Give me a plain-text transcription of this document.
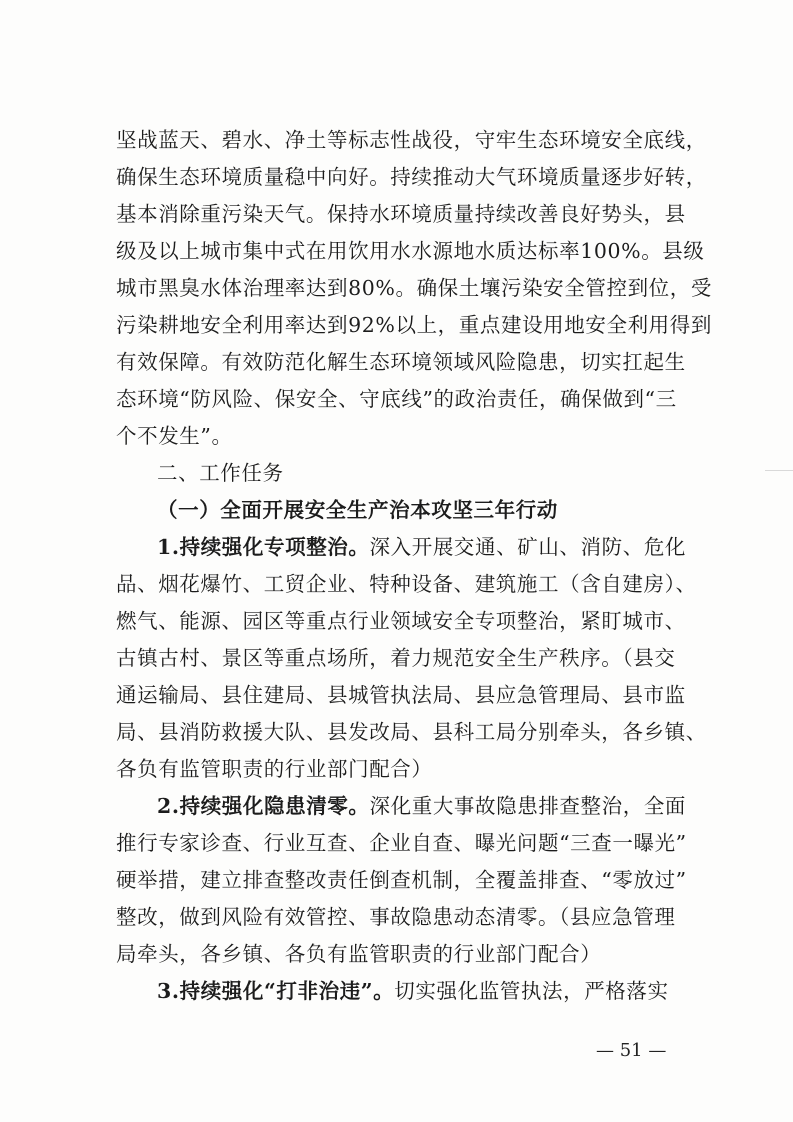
坚战蓝天、碧水、净土等标志性战役，守牢生态环境安全底线，
确保生态环境质量稳中向好。持续推动大气环境质量逐步好转，
基本消除重污染天气。保持水环境质量持续改善良好势头，县
级及以上城市集中式在用饮用水水源地水质达标率100%。县级
城市黑臭水体治理率达到80%。确保土壤污染安全管控到位，受
污染耕地安全利用率达到92%以上，重点建设用地安全利用得到
有效保障。有效防范化解生态环境领域风险隐患，切实扛起生
态环境“防风险、保安全、守底线”的政治责任，确保做到“三
个不发生”。
二、工作任务
（一）全面开展安全生产治本攻坚三年行动
1.持续强化专项整治。深入开展交通、矿山、消防、危化
品、烟花爆竹、工贸企业、特种设备、建筑施工（含自建房）、
燃气、能源、园区等重点行业领域安全专项整治，紧盯城市、
古镇古村、景区等重点场所，着力规范安全生产秩序。（县交
通运输局、县住建局、县城管执法局、县应急管理局、县市监
局、县消防救援大队、县发改局、县科工局分别牵头，各乡镇、
各负有监管职责的行业部门配合）
2.持续强化隐患清零。深化重大事故隐患排查整治，全面
推行专家诊查、行业互查、企业自查、曝光问题“三查一曝光”
硬举措，建立排查整改责任倒查机制，全覆盖排查、“零放过”
整改，做到风险有效管控、事故隐患动态清零。（县应急管理
局牵头，各乡镇、各负有监管职责的行业部门配合）
3.持续强化“打非治违”。切实强化监管执法，严格落实
— 51 —
